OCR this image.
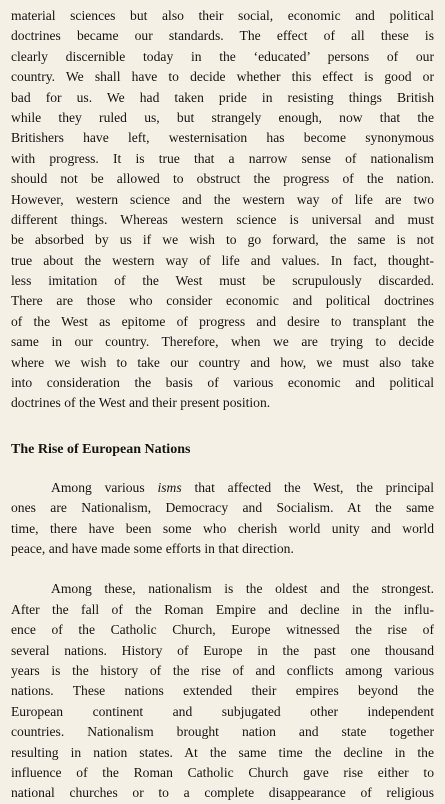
material sciences but also their social, economic and political
doctrines became our standards. The effect of all these is
clearly discernible today in the ‘educated’ persons of our
country. We shall have to decide whether this effect is good or
bad for us. We had taken pride in resisting things British
while they ruled us, but strangely enough, now that the
Britishers have left, westernisation has become synonymous
with progress. It is true that a narrow sense of nationalism
should not be allowed to obstruct the progress of the nation.
However, western science and the western way of life are two
different things. Whereas western science is universal and must
be absorbed by us if we wish to go forward, the same is not
true about the western way of life and values. In fact, thought-
less imitation of the West must be scrupulously discarded.
There are those who consider economic and political doctrines
of the West as epitome of progress and desire to transplant the
same in our country. Therefore, when we are trying to decide
where we wish to take our country and how, we must also take
into consideration the basis of various economic and political
doctrines of the West and their present position.
The Rise of European Nations
Among various isms that affected the West, the principal
ones are Nationalism, Democracy and Socialism. At the same
time, there have been some who cherish world unity and world
peace, and have made some efforts in that direction.
Among these, nationalism is the oldest and the strongest.
After the fall of the Roman Empire and decline in the influ-
ence of the Catholic Church, Europe witnessed the rise of
several nations. History of Europe in the past one thousand
years is the history of the rise of and conflicts among various
nations. These nations extended their empires beyond the
European continent and subjugated other independent
countries. Nationalism brought nation and state together
resulting in nation states. At the same time the decline in the
influence of the Roman Catholic Church gave rise either to
national churches or to a complete disappearance of religious
